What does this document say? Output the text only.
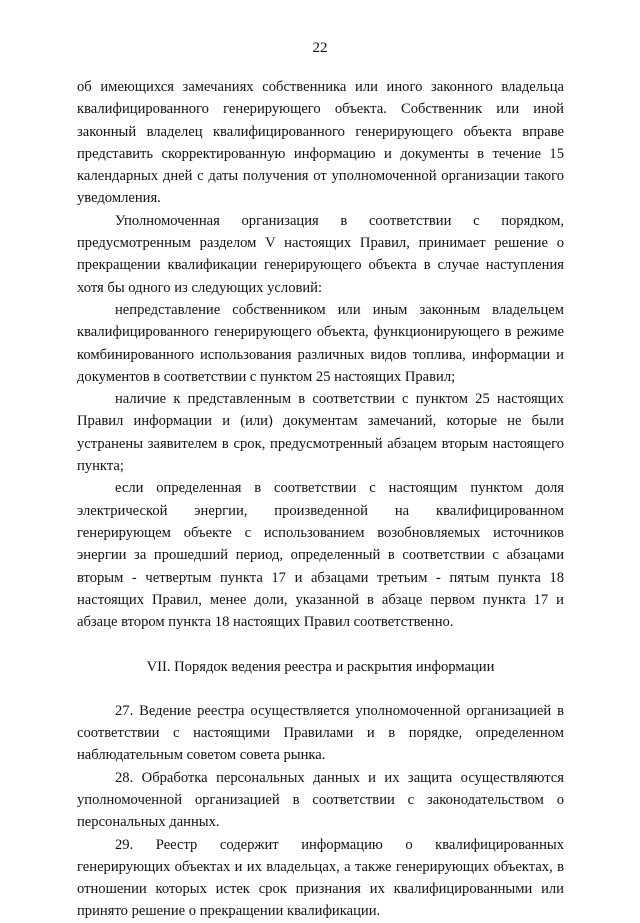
22

об имеющихся замечаниях собственника или иного законного владельца квалифицированного генерирующего объекта. Собственник или иной законный владелец квалифицированного генерирующего объекта вправе представить скорректированную информацию и документы в течение 15 календарных дней с даты получения от уполномоченной организации такого уведомления.

Уполномоченная организация в соответствии с порядком, предусмотренным разделом V настоящих Правил, принимает решение о прекращении квалификации генерирующего объекта в случае наступления хотя бы одного из следующих условий:

непредставление собственником или иным законным владельцем квалифицированного генерирующего объекта, функционирующего в режиме комбинированного использования различных видов топлива, информации и документов в соответствии с пунктом 25 настоящих Правил;

наличие к представленным в соответствии с пунктом 25 настоящих Правил информации и (или) документам замечаний, которые не были устранены заявителем в срок, предусмотренный абзацем вторым настоящего пункта;

если определенная в соответствии с настоящим пунктом доля электрической энергии, произведенной на квалифицированном генерирующем объекте с использованием возобновляемых источников энергии за прошедший период, определенный в соответствии с абзацами вторым - четвертым пункта 17 и абзацами третьим - пятым пункта 18 настоящих Правил, менее доли, указанной в абзаце первом пункта 17 и абзаце втором пункта 18 настоящих Правил соответственно.

VII. Порядок ведения реестра и раскрытия информации

27. Ведение реестра осуществляется уполномоченной организацией в соответствии с настоящими Правилами и в порядке, определенном наблюдательным советом совета рынка.

28. Обработка персональных данных и их защита осуществляются уполномоченной организацией в соответствии с законодательством о персональных данных.

29. Реестр содержит информацию о квалифицированных генерирующих объектах и их владельцах, а также генерирующих объектах, в отношении которых истек срок признания их квалифицированными или принято решение о прекращении квалификации.
